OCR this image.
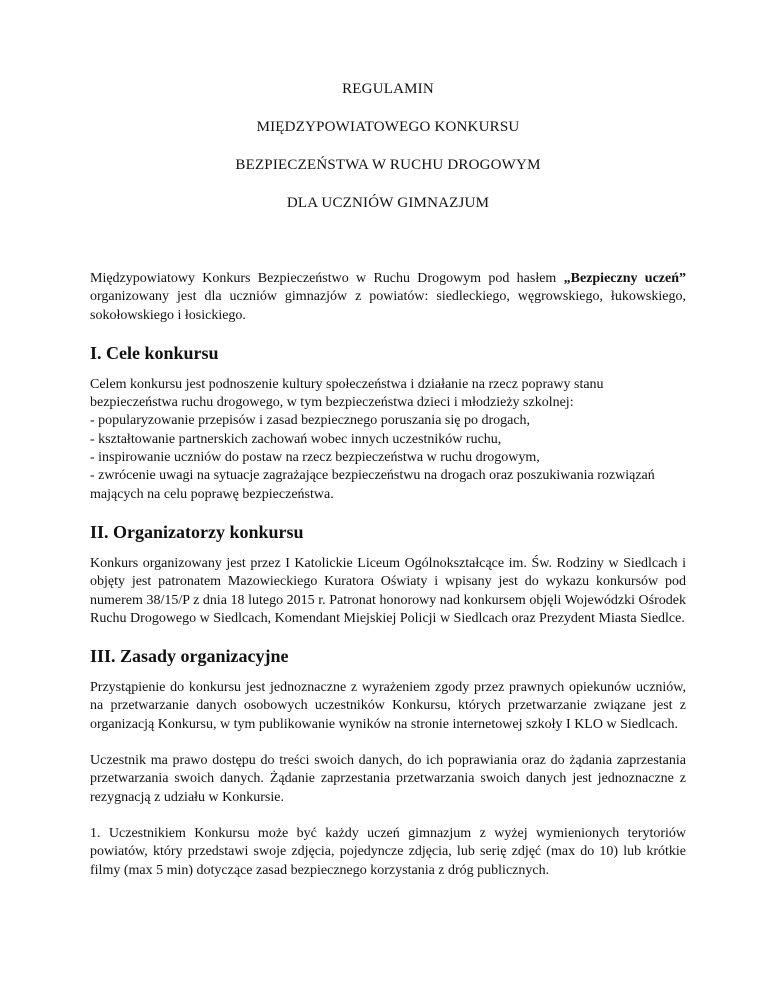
REGULAMIN
MIĘDZYPOWIATOWEGO KONKURSU
BEZPIECZEŃSTWA W RUCHU DROGOWYM
DLA UCZNIÓW GIMNAZJUM

Międzypowiatowy Konkurs Bezpieczeństwo w Ruchu Drogowym pod hasłem „Bezpieczny uczeń” organizowany jest dla uczniów gimnazjów z powiatów: siedleckiego, węgrowskiego, łukowskiego, sokołowskiego i łosickiego.

I. Cele konkursu

Celem konkursu jest podnoszenie kultury społeczeństwa i działanie na rzecz poprawy stanu bezpieczeństwa ruchu drogowego, w tym bezpieczeństwa dzieci i młodzieży szkolnej:

- popularyzowanie przepisów i zasad bezpiecznego poruszania się po drogach,
- kształtowanie partnerskich zachowań wobec innych uczestników ruchu,
- inspirowanie uczniów do postaw na rzecz bezpieczeństwa w ruchu drogowym,
- zwrócenie uwagi na sytuacje zagrażające bezpieczeństwu na drogach oraz poszukiwania rozwiązań mających na celu poprawę bezpieczeństwa.
II. Organizatorzy konkursu

Konkurs organizowany jest przez I Katolickie Liceum Ogólnokształcące im. Św. Rodziny w Siedlcach i objęty jest patronatem Mazowieckiego Kuratora Oświaty i wpisany jest do wykazu konkursów pod numerem 38/15/P z dnia 18 lutego 2015 r. Patronat honorowy nad konkursem objęli Wojewódzki Ośrodek Ruchu Drogowego w Siedlcach, Komendant Miejskiej Policji w Siedlcach oraz Prezydent Miasta Siedlce.

III. Zasady organizacyjne

Przystąpienie do konkursu jest jednoznaczne z wyrażeniem zgody przez prawnych opiekunów uczniów, na przetwarzanie danych osobowych uczestników Konkursu, których przetwarzanie związane jest z organizacją Konkursu, w tym publikowanie wyników na stronie internetowej szkoły I KLO w Siedlcach.

Uczestnik ma prawo dostępu do treści swoich danych, do ich poprawiania oraz do żądania zaprzestania przetwarzania swoich danych. Żądanie zaprzestania przetwarzania swoich danych jest jednoznaczne z rezygnacją z udziału w Konkursie.

1. Uczestnikiem Konkursu może być każdy uczeń gimnazjum z wyżej wymienionych terytoriów powiatów, który przedstawi swoje zdjęcia, pojedyncze zdjęcia, lub serię zdjęć (max do 10) lub krótkie filmy (max 5 min) dotyczące zasad bezpiecznego korzystania z dróg publicznych.
